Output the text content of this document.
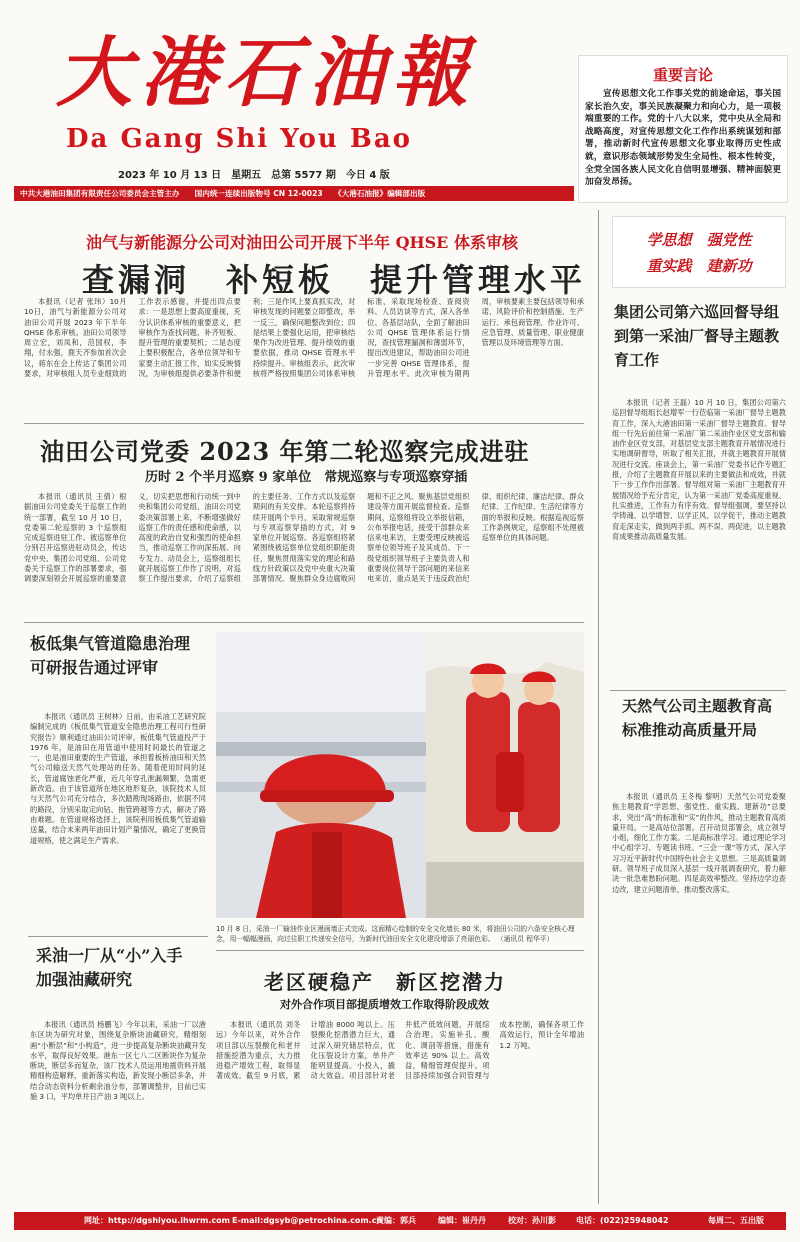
大港石油報
Da Gang Shi You Bao
2023 年 10 月 13 日　星期五　总第 5577 期　今日 4 版
重要言论
宣传思想文化工作事关党的前途命运，事关国家长治久安，事关民族凝聚力和向心力，是一项极端重要的工作。党的十八大以来，党中央从全局和战略高度，对宣传思想文化工作作出系统谋划和部署，推动新时代宣传思想文化事业取得历史性成就，意识形态领域形势发生全局性、根本性转变，全党全国各族人民文化自信明显增强、精神面貌更加奋发昂扬。
中共大港油田集团有限责任公司委员会主管主办　　国内统一连续出版物号 CN 12-0023　　《大港石油报》编辑部出版
油气与新能源分公司对油田公司开展下半年 QHSE 体系审核
查漏洞　补短板　提升管理水平
本报讯（记者 张玮）10月10日，油气与新能源分公司对油田公司开展 2023 年下半年 QHSE 体系审核。油田公司领导周立宏，刘凤和，范国权，李翔，付永强，鹿天齐参加首次会议，蒋东在会上传达了集团公司要求，对审核组人员专业细致的工作表示感谢，并提出四点要求：一是思想上要高度重视，充分认识体系审核的重要意义，把审核作为查找问题、补齐短板、提升管理的重要契机；二是态度上要积极配合，各单位领导和专家要主动汇报工作，如实反映情况，为审核组提供必要条件和便利；三是作风上要真抓实改，对审核发现的问题要立即整改，举一反三，确保问题整改到位；四是结果上要强化运用，把审核结果作为改进管理、提升绩效的重要依据，推动 QHSE 管理水平持续提升。审核组表示，此次审核将严格按照集团公司体系审核标准，采取现场检查、查阅资料、人员访谈等方式，深入各单位、各基层站队，全面了解油田公司 QHSE 管理体系运行情况，查找管理漏洞和薄弱环节，提出改进建议，帮助油田公司进一步完善 QHSE 管理体系，提升管理水平。此次审核为期两周，审核要素主要包括领导和承诺、风险评价和控制措施、生产运行、承包商管理、作业许可、应急管理、质量管理、职业健康管理以及环境管理等方面。
油田公司党委 2023 年第二轮巡察完成进驻
历时 2 个半月巡察 9 家单位　常规巡察与专项巡察穿插
本报讯（通讯员 王倩）根据油田公司党委关于巡察工作的统一部署，截至 10 月 10 日，党委第二轮巡察的 3 个巡察组完成巡察进驻工作。被巡察单位分别召开巡察进驻动员会，传达党中央、集团公司党组、公司党委关于巡察工作的部署要求，强调要深刻领会开展巡察的重要意义，切实把思想和行动统一到中央和集团公司党组、油田公司党委决策部署上来，不断增强做好巡察工作的责任感和使命感，以高度的政治自觉和强烈的使命担当，推动巡察工作向深拓展、向专发力。动员会上，巡察组组长就开展巡察工作作了说明，对巡察工作提出要求，介绍了巡察组的主要任务、工作方式以及巡察期间的有关安排。本轮巡察将持续开展两个半月，采取常规巡察与专项巡察穿插的方式，对 9 家单位开展巡察。各巡察组将紧紧围绕被巡察单位党组织职能责任，聚焦贯彻落实党的理论和路线方针政策以及党中央重大决策部署情况、聚焦群众身边腐败问题和不正之风、聚焦基层党组织建设等方面开展监督检查。巡察期间，巡察组将设立举报信箱，公布举报电话，接受干部群众来信来电来访，主要受理反映被巡察单位领导班子及其成员、下一级党组织领导班子主要负责人和重要岗位领导干部问题的来信来电来访，重点是关于违反政治纪律、组织纪律、廉洁纪律、群众纪律、工作纪律、生活纪律等方面的举报和反映。根据巡视巡察工作条例规定，巡察组不处理被巡察单位的具体问题。
板低集气管道隐患治理可研报告通过评审
本报讯（通讯员 王树林）日前，由采油工艺研究院编制完成的《板低集气管道安全隐患治理工程可行性研究报告》顺利通过油田公司评审。板低集气管道投产于 1976 年，是油田在用管道中使用时间最长的管道之一，也是油田重要的生产管道，承担着板桥油田和天然气公司输送天然气处理站的任务。随着使用时间的延长，管道腐蚀老化严重，近几年穿孔泄漏频繁，急需更新改造。由于该管道所在地区地形复杂，该院技术人员与天然气公司充分结合，多次踏勘现场路由，依据不同的路段，分别采取定向钻、拖管跨越等方式，解决了路由难题。在管道规格选择上，该院利用板低集气管道输送量，结合未来两年油田计划产量情况，确定了更换管道规格，使之满足生产需求。
采油一厂从“小”入手加强油藏研究
本报讯（通讯员 杨鹏飞）今年以来，采油一厂以港东区块为研究对象，围绕复杂断块油藏研究，精细刻画“小断层”和“小构造”，进一步提高复杂断块油藏开发水平，取得良好效果。港东一区七八二区断块作为复杂断块，断层多而复杂，该厂技术人员运用地震资料开展精细构造解释，重新落实构造，新发现小断层多条，并结合动态资料分析剩余油分布，部署调整井，目前已实施 3 口，平均单井日产油 3 吨以上。
10 月 8 日，采油一厂输油作业区漫画墙正式完成。这面精心绘制的安全文化墙长 80 米，将油田公司的六条安全核心理念，用一幅幅漫画，向过往职工传递安全信号，为新时代油田安全文化建设增添了亮丽色彩。 （通讯员 程华平）
老区硬稳产　新区挖潜力
对外合作项目部提质增效工作取得阶段成效
本报讯（通讯员 刘冬远）今年以来，对外合作项目部以压裂酸化和老井措施挖潜为重点，大力推进稳产增效工程，取得显著成效。截至 9 月底，累计增油 8000 吨以上。压裂酸化挖潜潜力巨大，通过深入研究储层特点，优化压裂设计方案，单井产能明显提高。小投入，撬动大效益。项目部针对老井低产低效问题，开展综合治理，实施补孔、酸化、调剖等措施，措施有效率达 90% 以上。高效益，精细管理促提升。项目部持续加强合同管理与成本控制，确保各项工作高效运行，预计全年增油 1.2 万吨。
学思想　强党性
重实践　建新功
集团公司第六巡回督导组到第一采油厂督导主题教育工作
本报讯（记者 王磊）10 月 10 日，集团公司第六巡回督导组组长赵增军一行莅临第一采油厂督导主题教育工作，深入大港油田第一采油厂督导主题教育。督导组一行先后前往第一采油厂第二采油作业区党支部和输油作业区党支部，对基层党支部主题教育开展情况进行实地调研督导，听取了相关汇报，并就主题教育开展情况进行交流。座谈会上，第一采油厂党委书记作专题汇报，介绍了主题教育开展以来的主要做法和成效，并就下一步工作作出部署。督导组对第一采油厂主题教育开展情况给予充分肯定，认为第一采油厂党委高度重视、扎实推进，工作有力有序有效。督导组强调，要坚持以学铸魂、以学增智、以学正风、以学促干，推动主题教育走深走实，做到两手抓、两不误、两促进，以主题教育成果推动高质量发展。
天然气公司主题教育高标准推动高质量开局
本报讯（通讯员 王冬梅 黎明）天然气公司党委聚焦主题教育“学思想、强党性、重实践、建新功”总要求，突出“高”的标准和“实”的作风，推动主题教育高质量开局。一是高站位部署。召开动员部署会，成立领导小组，细化工作方案。二是高标准学习。通过理论学习中心组学习、专题读书班、“三会一课”等方式，深入学习习近平新时代中国特色社会主义思想。三是高质量调研。领导班子成员深入基层一线开展调查研究，着力解决一批急难愁盼问题。四是高效率整改。坚持边学边查边改，建立问题清单，推动整改落实。
网址：http://dgshiyou.ihwrm.com E-mail:dgsyb@petrochina.com.cn
责编：郭兵	编辑：崔丹丹	校对：孙川影	电话：(022)25948042	每周二、五出版
